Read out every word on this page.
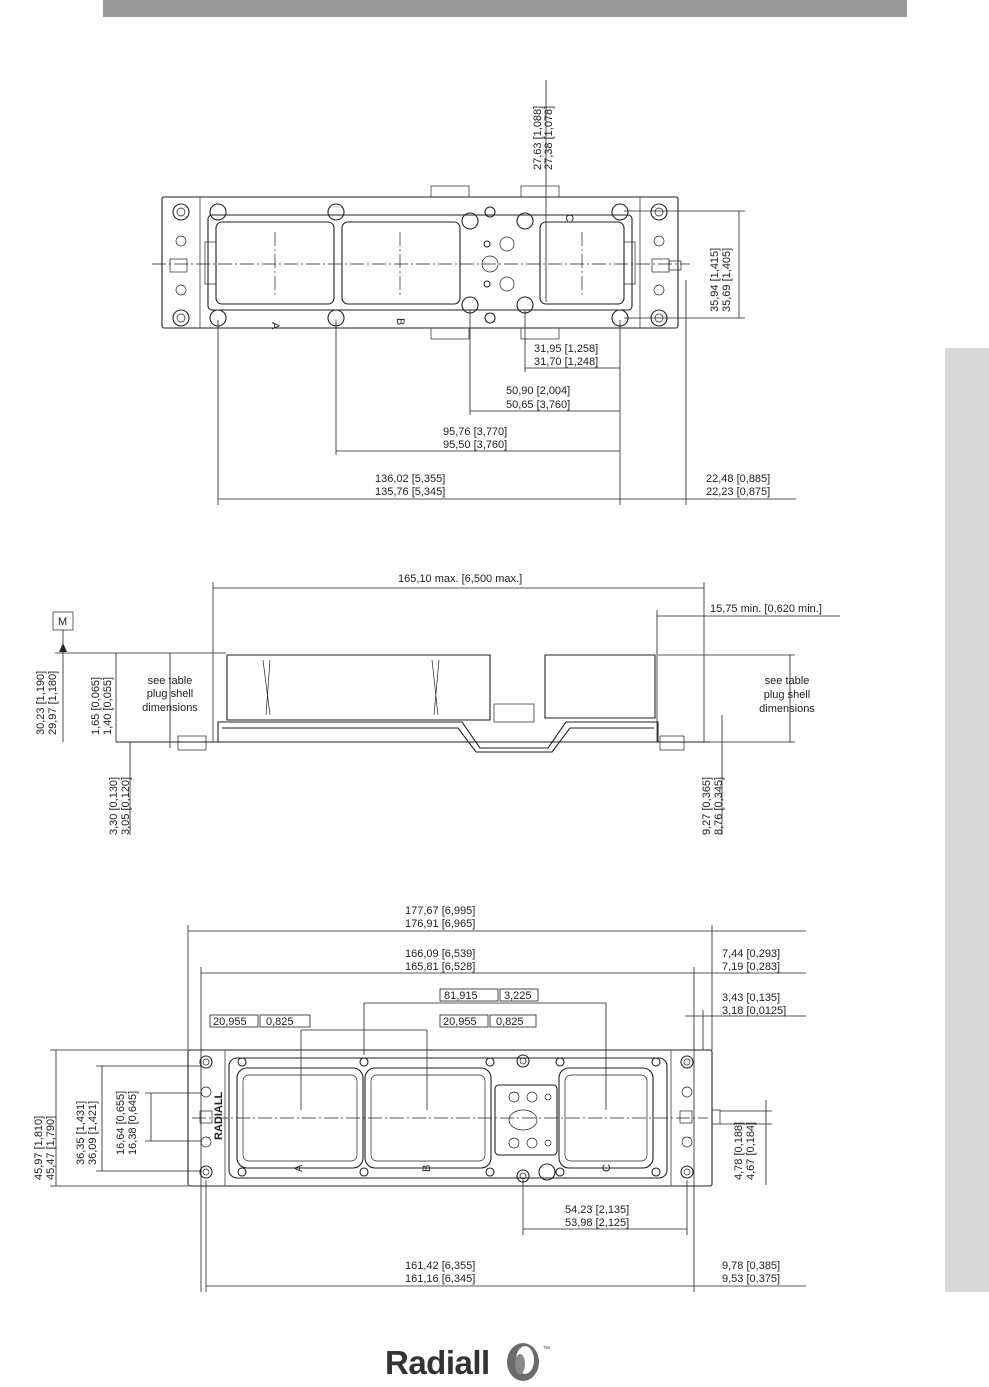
A
B
C
27,63 [1,088] 27,38 [1,078]
35,94 [1,415] 35,69 [1,405]
31,95 [1,258]
31,70 [1,248]
50,90 [2,004]
50,65 [3,760]
95,76 [3,770]
95,50 [3,760]
136,02 [5,355]
135,76 [5,345]
22,48 [0,885]
22,23 [0,875]
165,10 max. [6,500 max.]
15,75 min. [0,620 min.]
M
30,23 [1,190] 29,97 [1,180]	1,65 [0,065] 1,40 [0,055]	see table
plug shell
dimensions
3,30 [0,130] 3,05 [0,120]
see table
plug shell
dimensions
9,27 [0,365] 8,76 [0,345]
177,67 [6,995]
176,91 [6,965]
166,09 [6,539]
165,81 [6,528]
7,44 [0,293]
7,19 [0,283]
3,43 [0,135]
3,18 [0,0125]
81,915 3,225
20,955 0,825	20,955 0,825
RADIALL
A	B	C
45,97 [1,810] 45,47 [1,790] 36,35 [1,431] 36,09 [1,421] 16,64 [0,655] 16,38 [0,645]	4,78 [0,188] 4,67 [0,184]
54,23 [2,135]
53,98 [2,125]
161,42 [6,355]
161,16 [6,345]
9,78 [0,385]
9,53 [0,375]
Radiall	™
